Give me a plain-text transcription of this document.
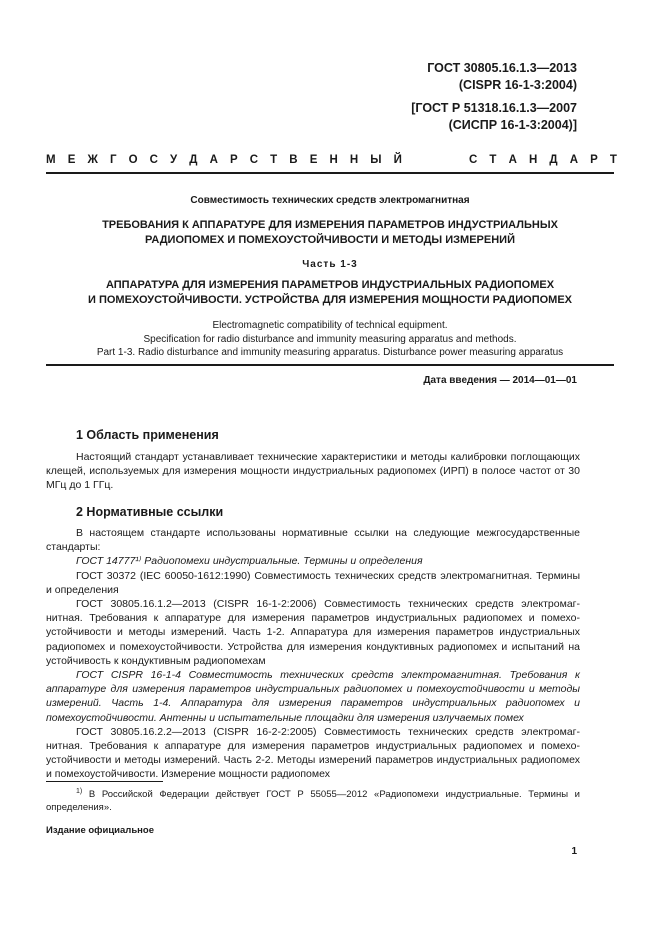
ГОСТ 30805.16.1.3—2013
(CISPR 16-1-3:2004)
[ГОСТ Р 51318.16.1.3—2007
(СИСПР 16-1-3:2004)]
М Е Ж Г О С У Д А Р С Т В Е Н Н Ы Й	С Т А Н Д А Р Т
Совместимость технических средств электромагнитная
ТРЕБОВАНИЯ К АППАРАТУРЕ ДЛЯ ИЗМЕРЕНИЯ ПАРАМЕТРОВ ИНДУСТРИАЛЬНЫХ
РАДИОПОМЕХ И ПОМЕХОУСТОЙЧИВОСТИ И МЕТОДЫ ИЗМЕРЕНИЙ
Часть 1-3
АППАРАТУРА ДЛЯ ИЗМЕРЕНИЯ ПАРАМЕТРОВ ИНДУСТРИАЛЬНЫХ РАДИОПОМЕХ
И ПОМЕХОУСТОЙЧИВОСТИ. УСТРОЙСТВА ДЛЯ ИЗМЕРЕНИЯ МОЩНОСТИ РАДИОПОМЕХ
Electromagnetic compatibility of technical equipment.
Specification for radio disturbance and immunity measuring apparatus and methods.
Part 1-3. Radio disturbance and immunity measuring apparatus. Disturbance power measuring apparatus
Дата введения — 2014—01—01
1 Область применения

Настоящий стандарт устанавливает технические характеристики и методы калибровки поглощающих клещей, используемых для измерения мощности индустриальных радиопомех (ИРП) в полосе частот от 30 МГц до 1 ГГц.

2 Нормативные ссылки

В настоящем стандарте использованы нормативные ссылки на следующие межгосударственные стандарты:

ГОСТ 14777¹⁾ Радиопомехи индустриальные. Термины и определения

ГОСТ 30372 (IEC 60050-1612:1990) Совместимость технических средств электромагнитная. Термины и определения

ГОСТ 30805.16.1.2—2013 (CISPR 16-1-2:2006) Совместимость технических средств электромагнитная. Требования к аппаратуре для измерения параметров индустриальных радиопомех и помехоустойчивости и методы измерений. Часть 1-2. Аппаратура для измерения параметров индустриальных радиопомех и помехоустойчивости. Устройства для измерения кондуктивных радиопомех и испытаний на устойчивость к кондуктивным радиопомехам

ГОСТ CISPR 16-1-4 Совместимость технических средств электромагнитная. Требования к аппаратуре для измерения параметров индустриальных радиопомех и помехоустойчивости и методы измерений. Часть 1-4. Аппаратура для измерения параметров индустриальных радиопомех и помехоустойчивости. Антенны и испытательные площадки для измерения излучаемых помех

ГОСТ 30805.16.2.2—2013 (CISPR 16-2-2:2005) Совместимость технических средств электромагнитная. Требования к аппаратуре для измерения параметров индустриальных радиопомех и помехоустойчивости и методы измерений. Часть 2-2. Методы измерений параметров индустриальных радиопомех и помехоустойчивости. Измерение мощности радиопомех

$^{1)}$ В Российской Федерации действует ГОСТ Р 55055—2012 «Радиопомехи индустриальные. Термины и определения».

Издание официальное
1
